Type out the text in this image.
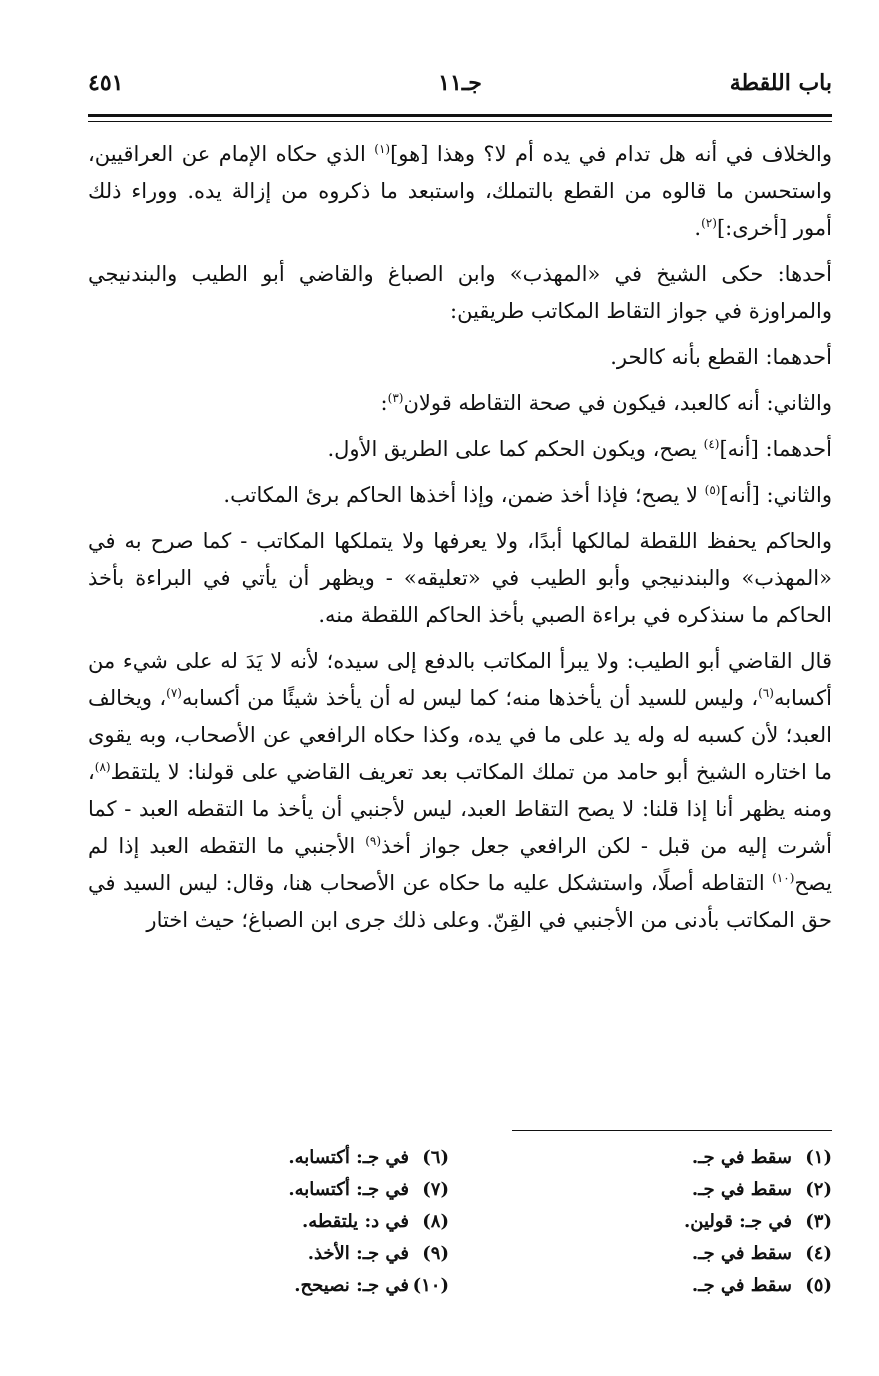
باب اللقطة
جـ١١
٤٥١

والخلاف في أنه هل تدام في يده أم لا؟ وهذا [هو]$^{(١)}$ الذي حكاه الإمام عن العراقيين، واستحسن ما قالوه من القطع بالتملك، واستبعد ما ذكروه من إزالة يده. ووراء ذلك أمور [أخرى:]$^{(٢)}$.

أحدها: حكى الشيخ في «المهذب» وابن الصباغ والقاضي أبو الطيب والبندنيجي والمراوزة في جواز التقاط المكاتب طريقين:

أحدهما: القطع بأنه كالحر.

والثاني: أنه كالعبد، فيكون في صحة التقاطه قولان$^{(٣)}$:

أحدهما: [أنه]$^{(٤)}$ يصح، ويكون الحكم كما على الطريق الأول.

والثاني: [أنه]$^{(٥)}$ لا يصح؛ فإذا أخذ ضمن، وإذا أخذها الحاكم برئ المكاتب.

والحاكم يحفظ اللقطة لمالكها أبدًا، ولا يعرفها ولا يتملكها المكاتب - كما صرح به في «المهذب» والبندنيجي وأبو الطيب في «تعليقه» - ويظهر أن يأتي في البراءة بأخذ الحاكم ما سنذكره في براءة الصبي بأخذ الحاكم اللقطة منه.

قال القاضي أبو الطيب: ولا يبرأ المكاتب بالدفع إلى سيده؛ لأنه لا يَدَ له على شيء من أكسابه$^{(٦)}$، وليس للسيد أن يأخذها منه؛ كما ليس له أن يأخذ شيئًا من أكسابه$^{(٧)}$، ويخالف العبد؛ لأن كسبه له وله يد على ما في يده، وكذا حكاه الرافعي عن الأصحاب، وبه يقوى ما اختاره الشيخ أبو حامد من تملك المكاتب بعد تعريف القاضي على قولنا: لا يلتقط$^{(٨)}$، ومنه يظهر أنا إذا قلنا: لا يصح التقاط العبد، ليس لأجنبي أن يأخذ ما التقطه العبد - كما أشرت إليه من قبل - لكن الرافعي جعل جواز أخذ$^{(٩)}$ الأجنبي ما التقطه العبد إذا لم يصح$^{(١٠)}$ التقاطه أصلًا، واستشكل عليه ما حكاه عن الأصحاب هنا، وقال: ليس السيد في حق المكاتب بأدنى من الأجنبي في القِنّ. وعلى ذلك جرى ابن الصباغ؛ حيث اختار

(١)سقط في جـ.
(٢)سقط في جـ.
(٣)في جـ: قولين.
(٤)سقط في جـ.
(٥)سقط في جـ.
(٦)في جـ: أكتسابه.
(٧)في جـ: أكتسابه.
(٨)في د: يلتقطه.
(٩)في جـ: الأخذ.
(١٠)في جـ: نصيحح.
